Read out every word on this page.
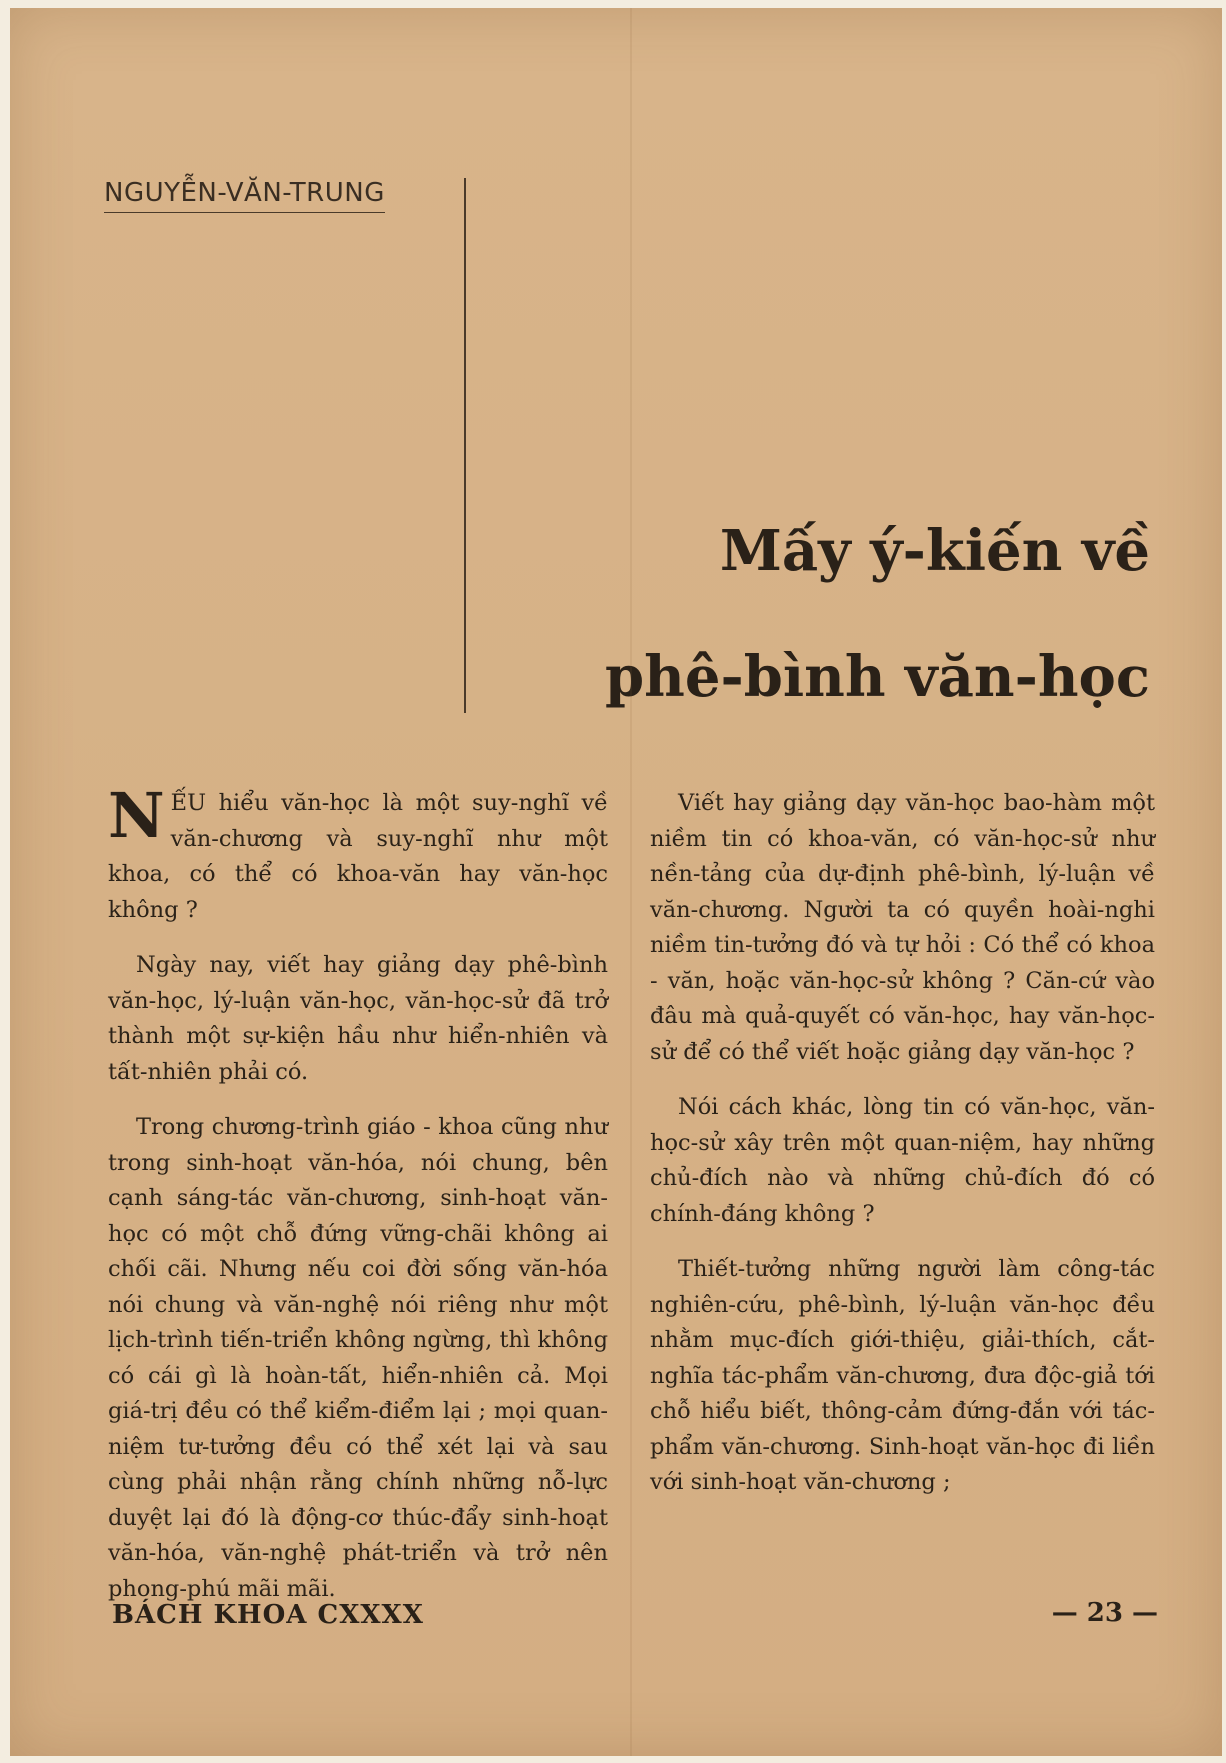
NGUYỄN-VĂN-TRUNG
Mấy ý-kiến về
phê-bình văn-học

NẾU hiểu văn-học là một suy-nghĩ về văn-chương và suy-nghĩ như một khoa, có thể có khoa-văn hay văn-học không ?

Ngày nay, viết hay giảng dạy phê-bình văn-học, lý-luận văn-học, văn-học-sử đã trở thành một sự-kiện hầu như hiển-nhiên và tất-nhiên phải có.

Trong chương-trình giáo - khoa cũng như trong sinh-hoạt văn-hóa, nói chung, bên cạnh sáng-tác văn-chương, sinh-hoạt văn-học có một chỗ đứng vững-chãi không ai chối cãi. Nhưng nếu coi đời sống văn-hóa nói chung và văn-nghệ nói riêng như một lịch-trình tiến-triển không ngừng, thì không có cái gì là hoàn-tất, hiển-nhiên cả. Mọi giá-trị đều có thể kiểm-điểm lại ; mọi quan-niệm tư-tưởng đều có thể xét lại và sau cùng phải nhận rằng chính những nỗ-lực duyệt lại đó là động-cơ thúc-đẩy sinh-hoạt văn-hóa, văn-nghệ phát-triển và trở nên phong-phú mãi mãi.

Viết hay giảng dạy văn-học bao-hàm một niềm tin có khoa-văn, có văn-học-sử như nền-tảng của dự-định phê-bình, lý-luận về văn-chương. Người ta có quyền hoài-nghi niềm tin-tưởng đó và tự hỏi : Có thể có khoa - văn, hoặc văn-học-sử không ? Căn-cứ vào đâu mà quả-quyết có văn-học, hay văn-học-sử để có thể viết hoặc giảng dạy văn-học ?

Nói cách khác, lòng tin có văn-học, văn-học-sử xây trên một quan-niệm, hay những chủ-đích nào và những chủ-đích đó có chính-đáng không ?

Thiết-tưởng những người làm công-tác nghiên-cứu, phê-bình, lý-luận văn-học đều nhằm mục-đích giới-thiệu, giải-thích, cắt-nghĩa tác-phẩm văn-chương, đưa độc-giả tới chỗ hiểu biết, thông-cảm đứng-đắn với tác-phẩm văn-chương. Sinh-hoạt văn-học đi liền với sinh-hoạt văn-chương ;

BÁCH KHOA CXXXX	— 23 —
